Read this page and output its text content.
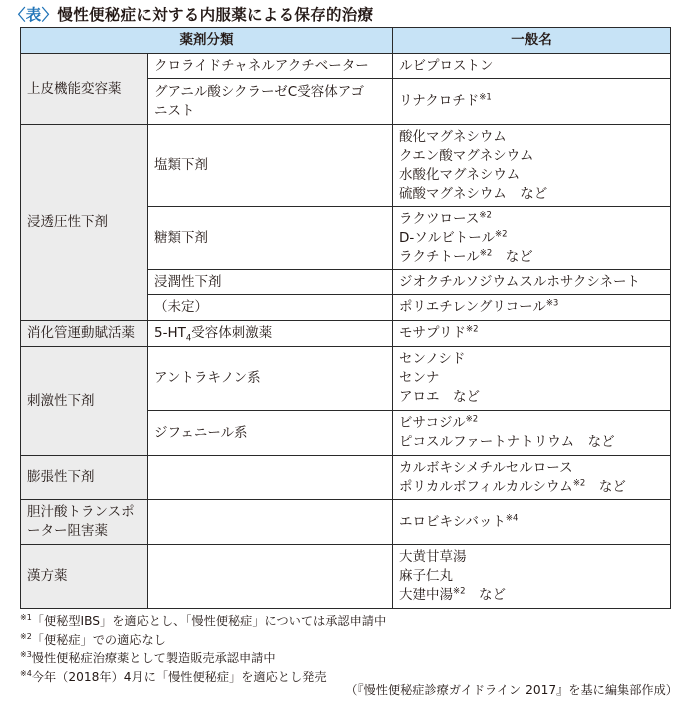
〈表〉慢性便秘症に対する内服薬による保存的治療
薬剤分類		一般名
上皮機能変容薬	クロライドチャネルアクチベーター	ルビプロストン

	グアニル酸シクラーゼC受容体アゴ
ニスト	リナクロチド$^{※1}$
浸透圧性下剤	塩類下剤	酸化マグネシウム
クエン酸マグネシウム
水酸化マグネシウム
硫酸マグネシウム　など

	糖類下剤	ラクツロース$^{※2}$
D-ソルビトール$^{※2}$
ラクチトール$^{※2}$　など

	浸潤性下剤	ジオクチルソジウムスルホサクシネート
	（未定）	ポリエチレングリコール$^{※3}$
消化管運動賦活薬	$5-HT_4$受容体刺激薬	モサプリド$^{※2}$
刺激性下剤	アントラキノン系	センノシド
センナ
アロエ　など

	ジフェニール系	ビサコジル$^{※2}$
ピコスルファートナトリウム　など

膨張性下剤		カルボキシメチルセルロース
ポリカルボフィルカルシウム$^{※2}$　など

胆汁酸トランスポーター阻害薬		エロビキシバット$^{※4}$
漢方薬		大黄甘草湯
麻子仁丸
大建中湯$^{※2}$　など
$^{※1}$「便秘型IBS」を適応とし、「慢性便秘症」については承認申請中
$^{※2}$「便秘症」での適応なし
$^{※3}$慢性便秘症治療薬として製造販売承認申請中
$^{※4}$今年（2018年）4月に「慢性便秘症」を適応とし発売
（『慢性便秘症診療ガイドライン 2017』を基に編集部作成）
